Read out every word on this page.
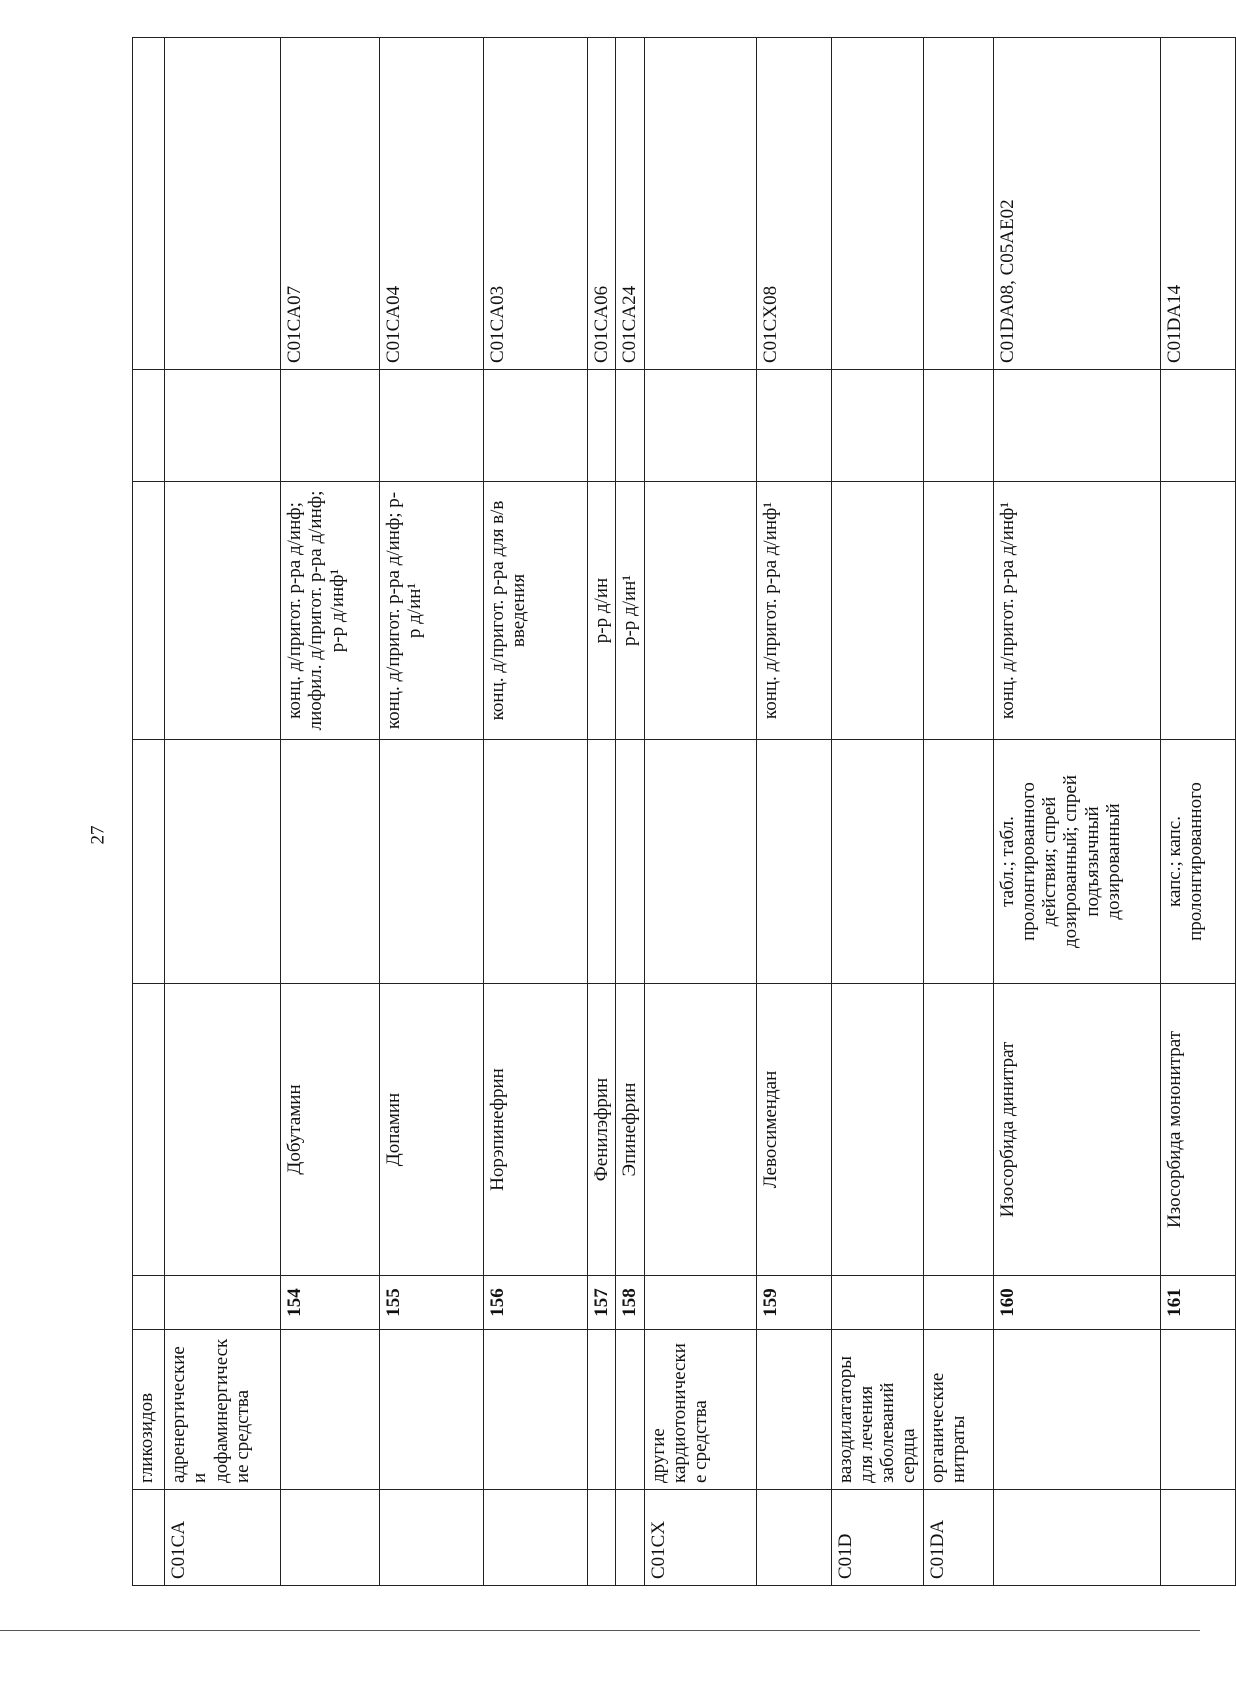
27
	гликозидов						
C01CA	адренергические и дофаминергические средства						
		154	Добутамин		конц. д/пригот. р-ра д/инф; лиофил. д/пригот. р-ра д/инф; р-р д/инф¹		C01CA07
		155	Допамин		конц. д/пригот. р-ра д/инф; р-р д/ин¹		C01CA04
		156	Норэпинефрин		конц. д/пригот. р-ра для в/в введения		C01CA03
		157	Фенилэфрин		р-р д/ин		C01CA06
		158	Эпинефрин		р-р д/ин¹		C01CA24
C01CX	другие кардиотонические средства						
		159	Левосимендан		конц. д/пригот. р-ра д/инф¹		C01CX08
C01D	вазодилататоры для лечения заболеваний сердца						
C01DA	органические нитраты						
		160	Изосорбида динитрат	табл.; табл. пролонгированного действия; спрей дозированный; спрей подъязычный дозированный	конц. д/пригот. р-ра д/инф¹		C01DA08, C05AE02
		161	Изосорбида мононитрат	капс.; капс. пролонгированного			C01DA14
